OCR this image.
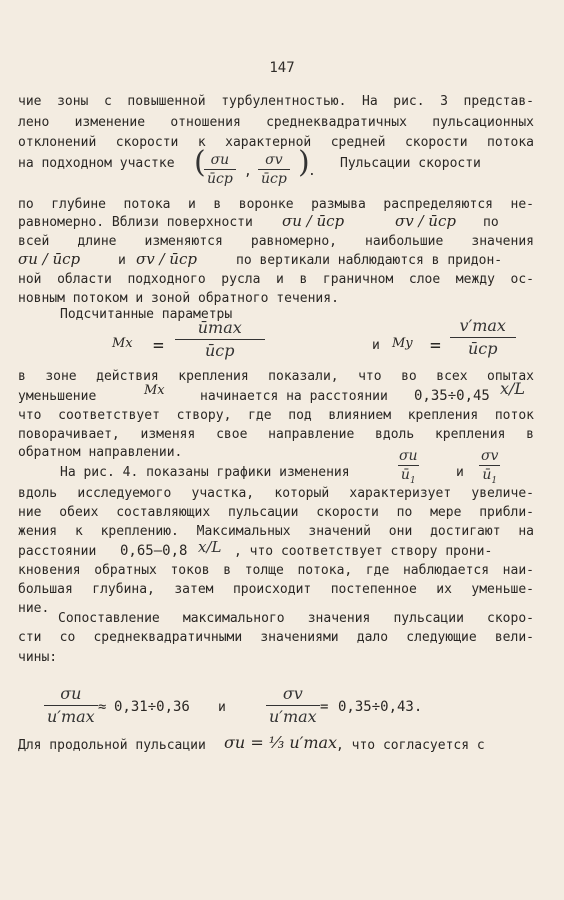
147
чие зоны с повышенной турбулентностью. На рис. 3 представ-
лено изменение отношения среднеквадратичных пульсационных
отклонений скорости к характерной средней скорости потока
на подходном участке ( σu
ūср ,
σv
ūср )
.
Пульсации скорости
по глубине потока и в воронке размыва распределяются не-
равномерно. Вблизи поверхности σu / ūср	σv / ūср по
всей длине изменяются равномерно, наибольшие значения
σu / ūср	и σv / ūср	по вертикали наблюдаются в придон-
ной области подходного русла и в граничном слое между ос-
новным потоком и зоной обратного течения.
Подсчитанные параметры
Mx =
ūmax
ūср	и My =
v′max
ūср
в зоне действия крепления показали, что во всех опытах
уменьшение	Mx	начинается на расстоянии 0,35÷0,45 x/L
что соответствует створу, где под влиянием крепления поток
поворачивает, изменяя свое направление вдоль крепления в
обратном направлении.
На рис. 4. показаны графики изменения	$\frac{\sigma u}{ū_1}$	и $\frac{\sigma v}{ū_1}$
вдоль исследуемого участка, который характеризует увеличе-
ние обеих составляющих пульсации скорости по мере прибли-
жения к креплению. Максимальных значений они достигают на
расстоянии 0,65–0,8 x/L , что соответствует створу прони-
кновения обратных токов в толще потока, где наблюдается наи-
большая глубина, затем происходит постепенное их уменьше-
ние.
Сопоставление максимального значения пульсации скоро-
сти со среднеквадратичными значениями дало следующие вели-
чины:
σu
u′max ≈ 0,31÷0,36 и
σv
u′max = 0,35÷0,43.
Для продольной пульсации σu = ⅓ u′max
, что согласуется с
